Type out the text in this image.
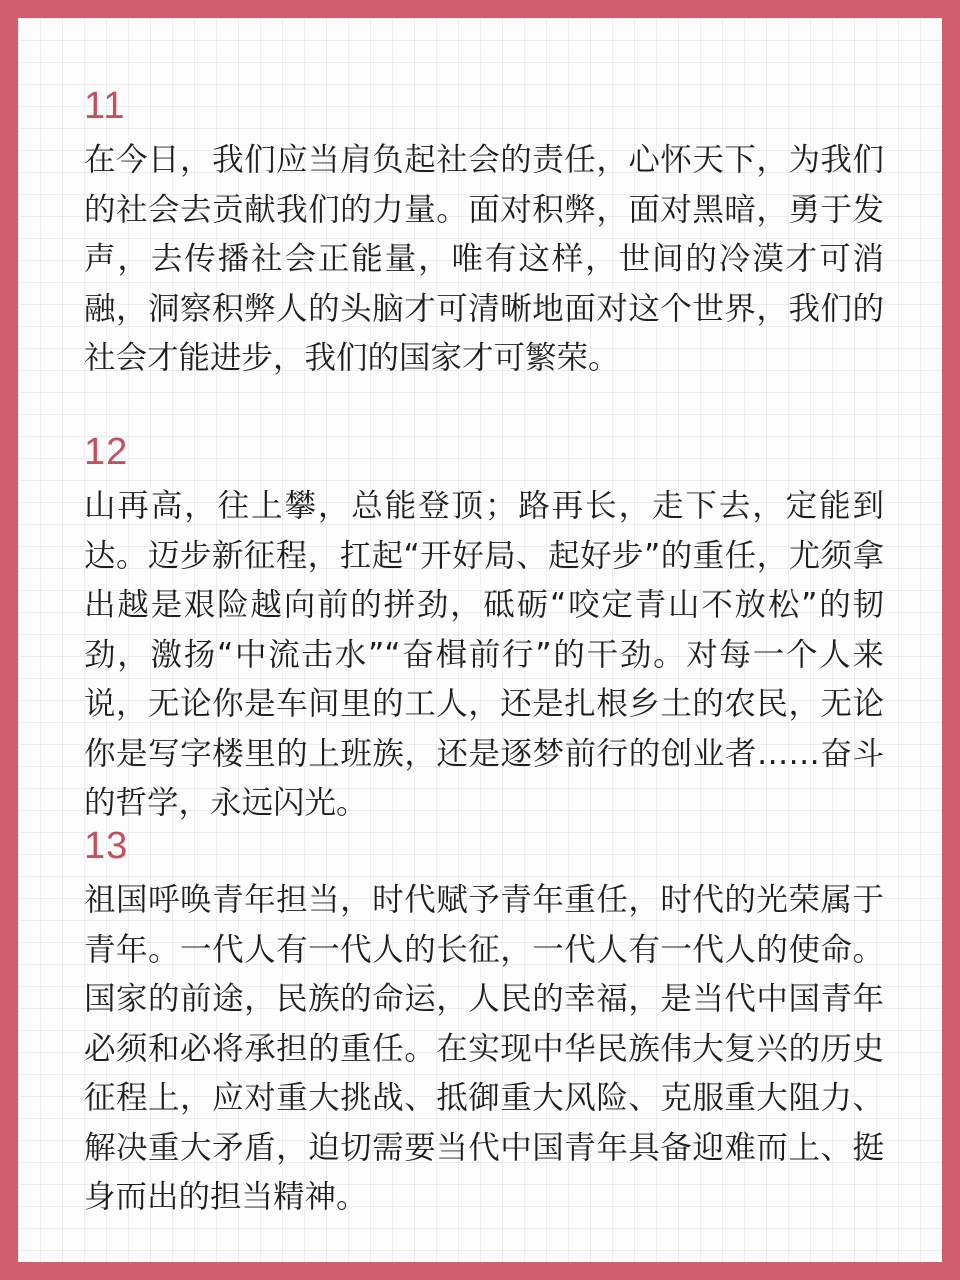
11

在今日，我们应当肩负起社会的责任，心怀天下，为我们的社会去贡献我们的力量。面对积弊，面对黑暗，勇于发声，去传播社会正能量，唯有这样，世间的冷漠才可消融，洞察积弊人的头脑才可清晰地面对这个世界，我们的社会才能进步，我们的国家才可繁荣。

12

山再高，往上攀，总能登顶；路再长，走下去，定能到达。迈步新征程，扛起“开好局、起好步”的重任，尤须拿出越是艰险越向前的拼劲，砥砺“咬定青山不放松”的韧劲，激扬“中流击水”“奋楫前行”的干劲。对每一个人来说，无论你是车间里的工人，还是扎根乡土的农民，无论你是写字楼里的上班族，还是逐梦前行的创业者……奋斗的哲学，永远闪光。

13

祖国呼唤青年担当，时代赋予青年重任，时代的光荣属于青年。一代人有一代人的长征，一代人有一代人的使命。国家的前途，民族的命运，人民的幸福，是当代中国青年必须和必将承担的重任。在实现中华民族伟大复兴的历史征程上，应对重大挑战、抵御重大风险、克服重大阻力、解决重大矛盾，迫切需要当代中国青年具备迎难而上、挺身而出的担当精神。
